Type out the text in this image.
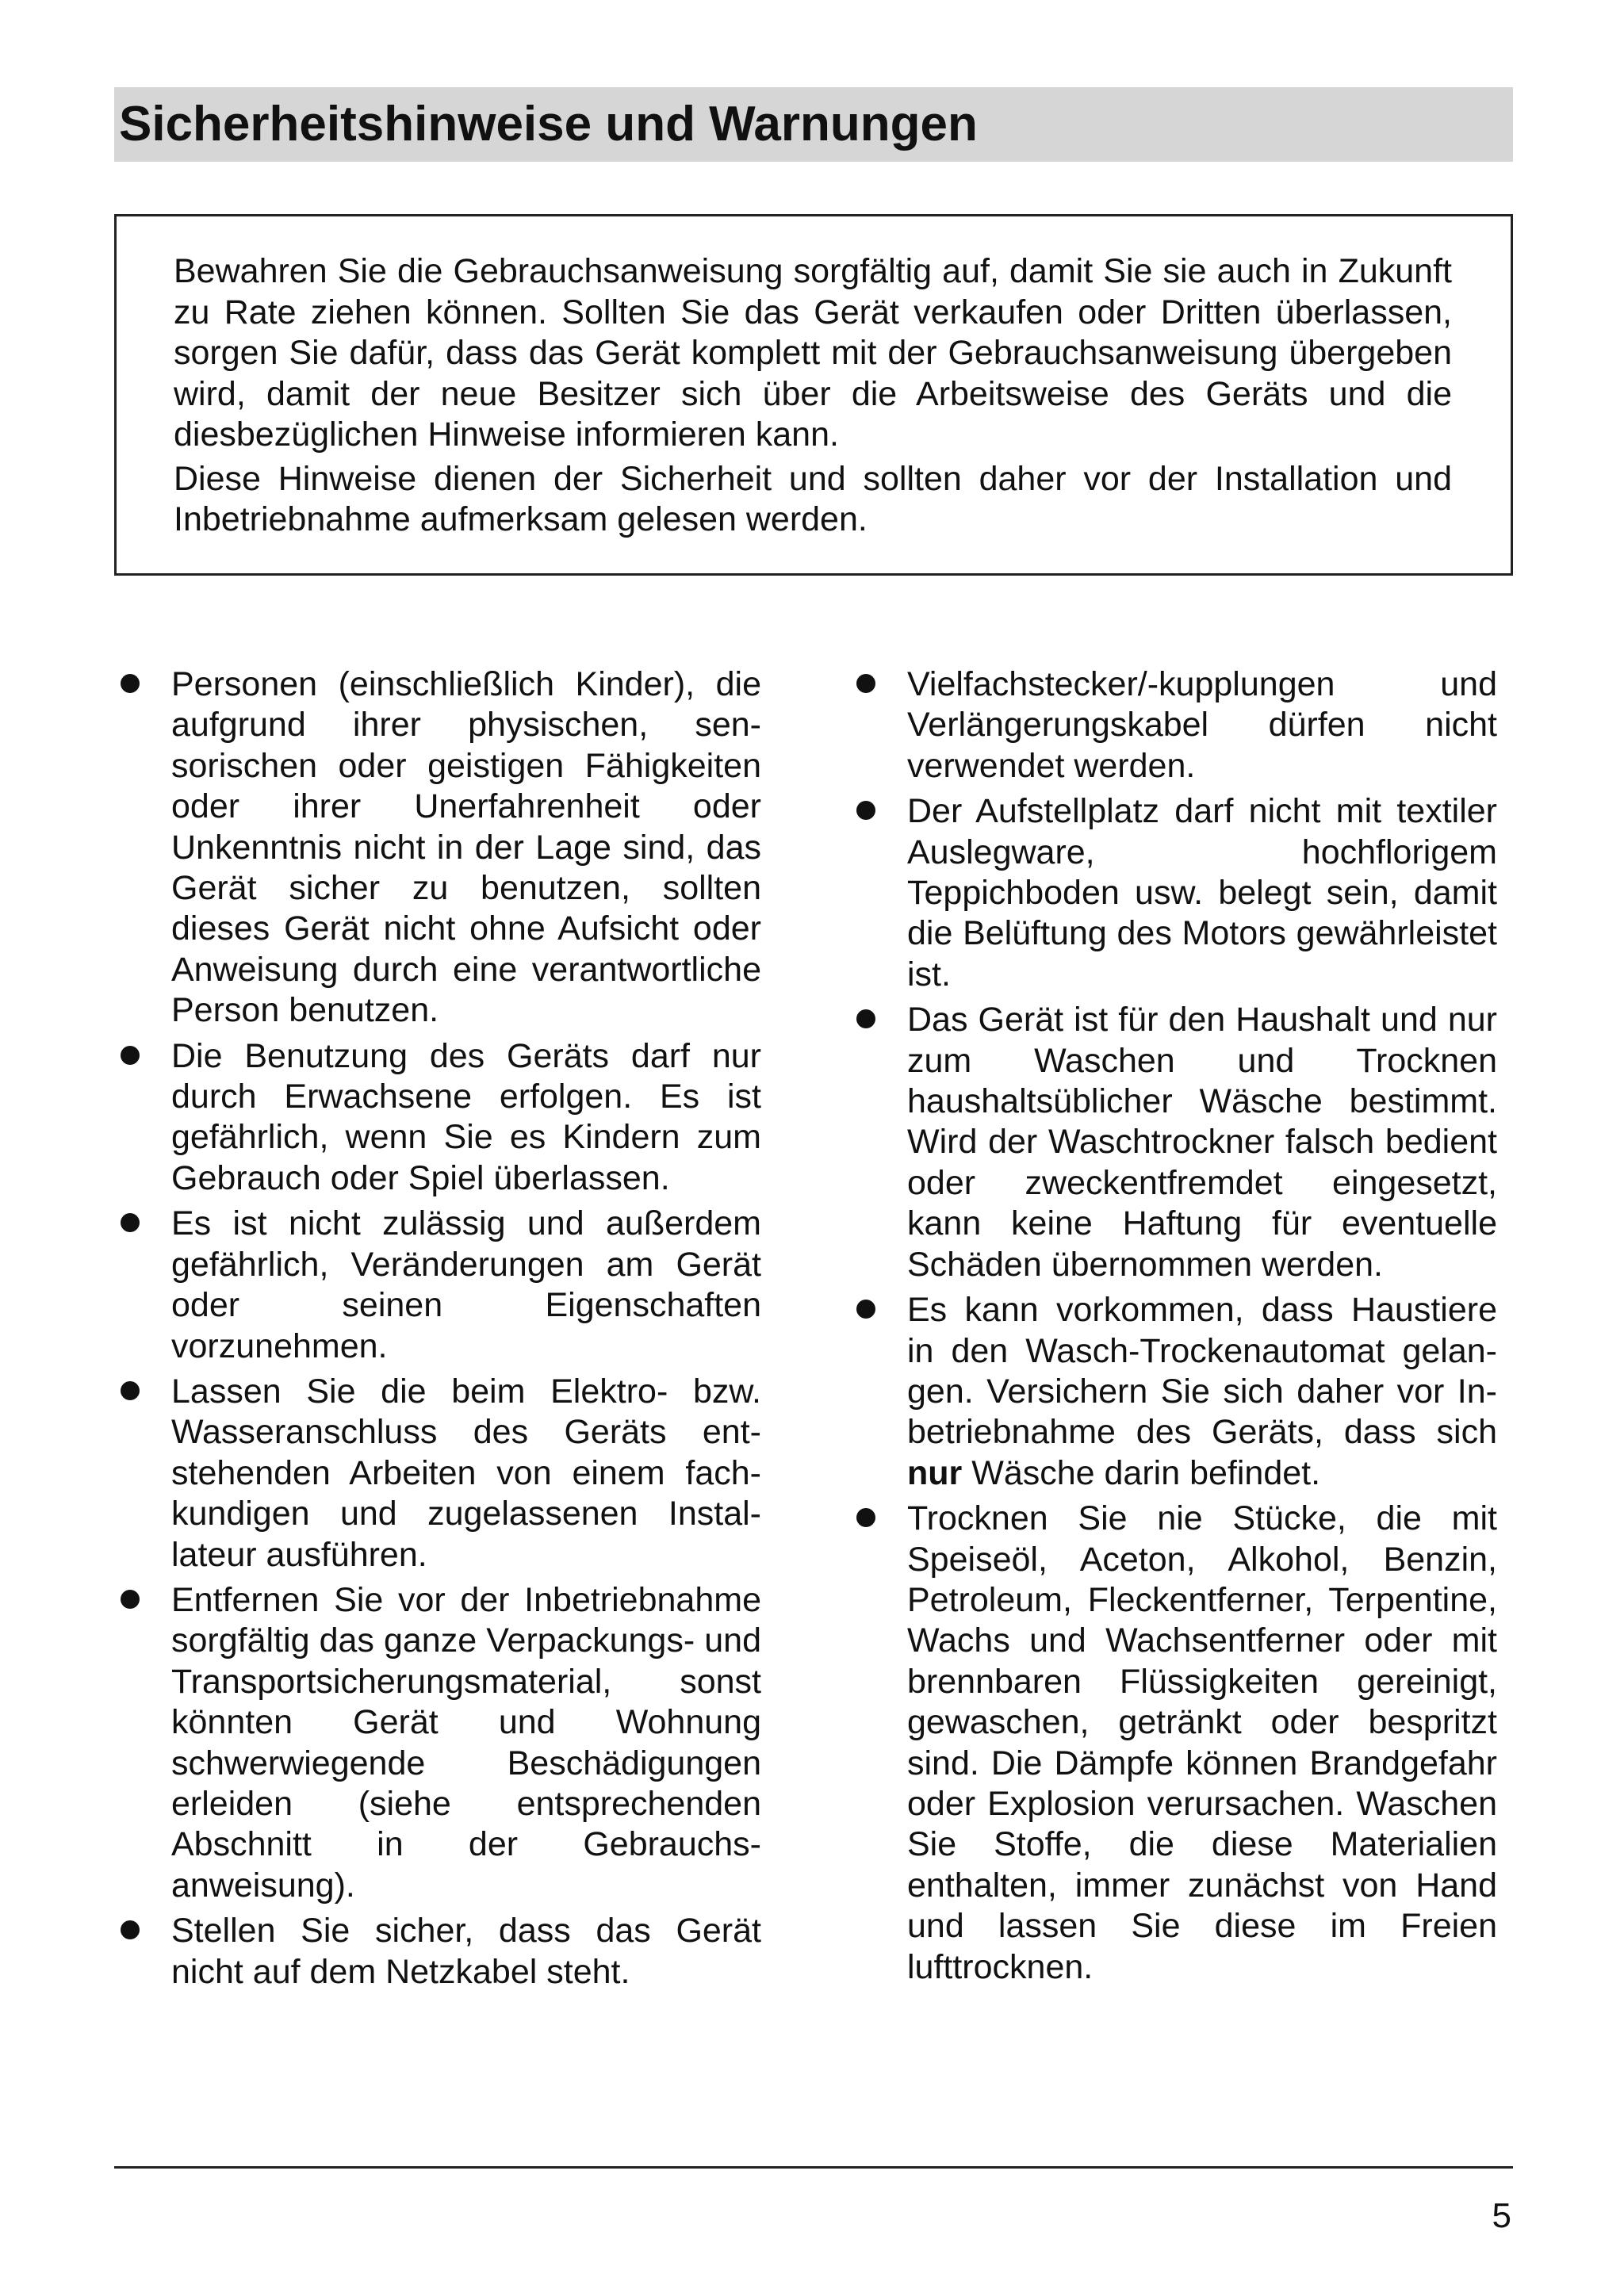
Sicherheitshinweise und Warnungen

Bewahren Sie die Gebrauchsanweisung sorgfältig auf, damit Sie sie auch in Zukunft zu Rate ziehen können. Sollten Sie das Gerät verkaufen oder Dritten überlassen, sorgen Sie dafür, dass das Gerät komplett mit der Gebrauchsanweisung übergeben wird, damit der neue Besitzer sich über die Arbeitsweise des Geräts und die diesbezüglichen Hinweise informieren kann.

Diese Hinweise dienen der Sicherheit und sollten daher vor der Installation und Inbetriebnahme aufmerksam gelesen werden.

Personen (einschließlich Kinder), die aufgrund ihrer physischen, sensorischen oder geistigen Fähigkeiten oder ihrer Unerfahrenheit oder Unkenntnis nicht in der Lage sind, das Gerät sicher zu benutzen, sollten dieses Gerät nicht ohne Aufsicht oder Anweisung durch eine verantwortliche Person benutzen.
Die Benutzung des Geräts darf nur durch Erwachsene erfolgen. Es ist gefährlich, wenn Sie es Kindern zum Gebrauch oder Spiel überlassen.
Es ist nicht zulässig und außerdem gefährlich, Veränderungen am Gerät oder seinen Eigenschaften vorzunehmen.
Lassen Sie die beim Elektro- bzw. Wasseranschluss des Geräts entstehenden Arbeiten von einem fachkundigen und zugelassenen Installateur ausführen.
Entfernen Sie vor der Inbetriebnahme sorgfältig das ganze Verpackungs- und Transportsicherungsmaterial, sonst könnten Gerät und Wohnung schwerwiegende Beschädigungen erleiden (siehe entsprechenden Abschnitt in der Gebrauchsanweisung).
Stellen Sie sicher, dass das Gerät nicht auf dem Netzkabel steht.
Vielfachstecker/-kupplungen und Verlängerungskabel dürfen nicht verwendet werden.
Der Aufstellplatz darf nicht mit textiler Auslegware, hochflorigem Teppichboden usw. belegt sein, damit die Belüftung des Motors gewährleistet ist.
Das Gerät ist für den Haushalt und nur zum Waschen und Trocknen haushaltsüblicher Wäsche bestimmt. Wird der Waschtrockner falsch bedient oder zweckentfremdet eingesetzt, kann keine Haftung für eventuelle Schäden übernommen werden.
Es kann vorkommen, dass Haustiere in den Wasch-Trockenautomat gelangen. Versichern Sie sich daher vor Inbetriebnahme des Geräts, dass sich nur Wäsche darin befindet.
Trocknen Sie nie Stücke, die mit Speiseöl, Aceton, Alkohol, Benzin, Petroleum, Fleckentferner, Terpentine, Wachs und Wachsentferner oder mit brennbaren Flüssigkeiten gereinigt, gewaschen, getränkt oder bespritzt sind. Die Dämpfe können Brandgefahr oder Explosion verursachen. Waschen Sie Stoffe, die diese Materialien enthalten, immer zunächst von Hand und lassen Sie diese im Freien lufttrocknen.
5
